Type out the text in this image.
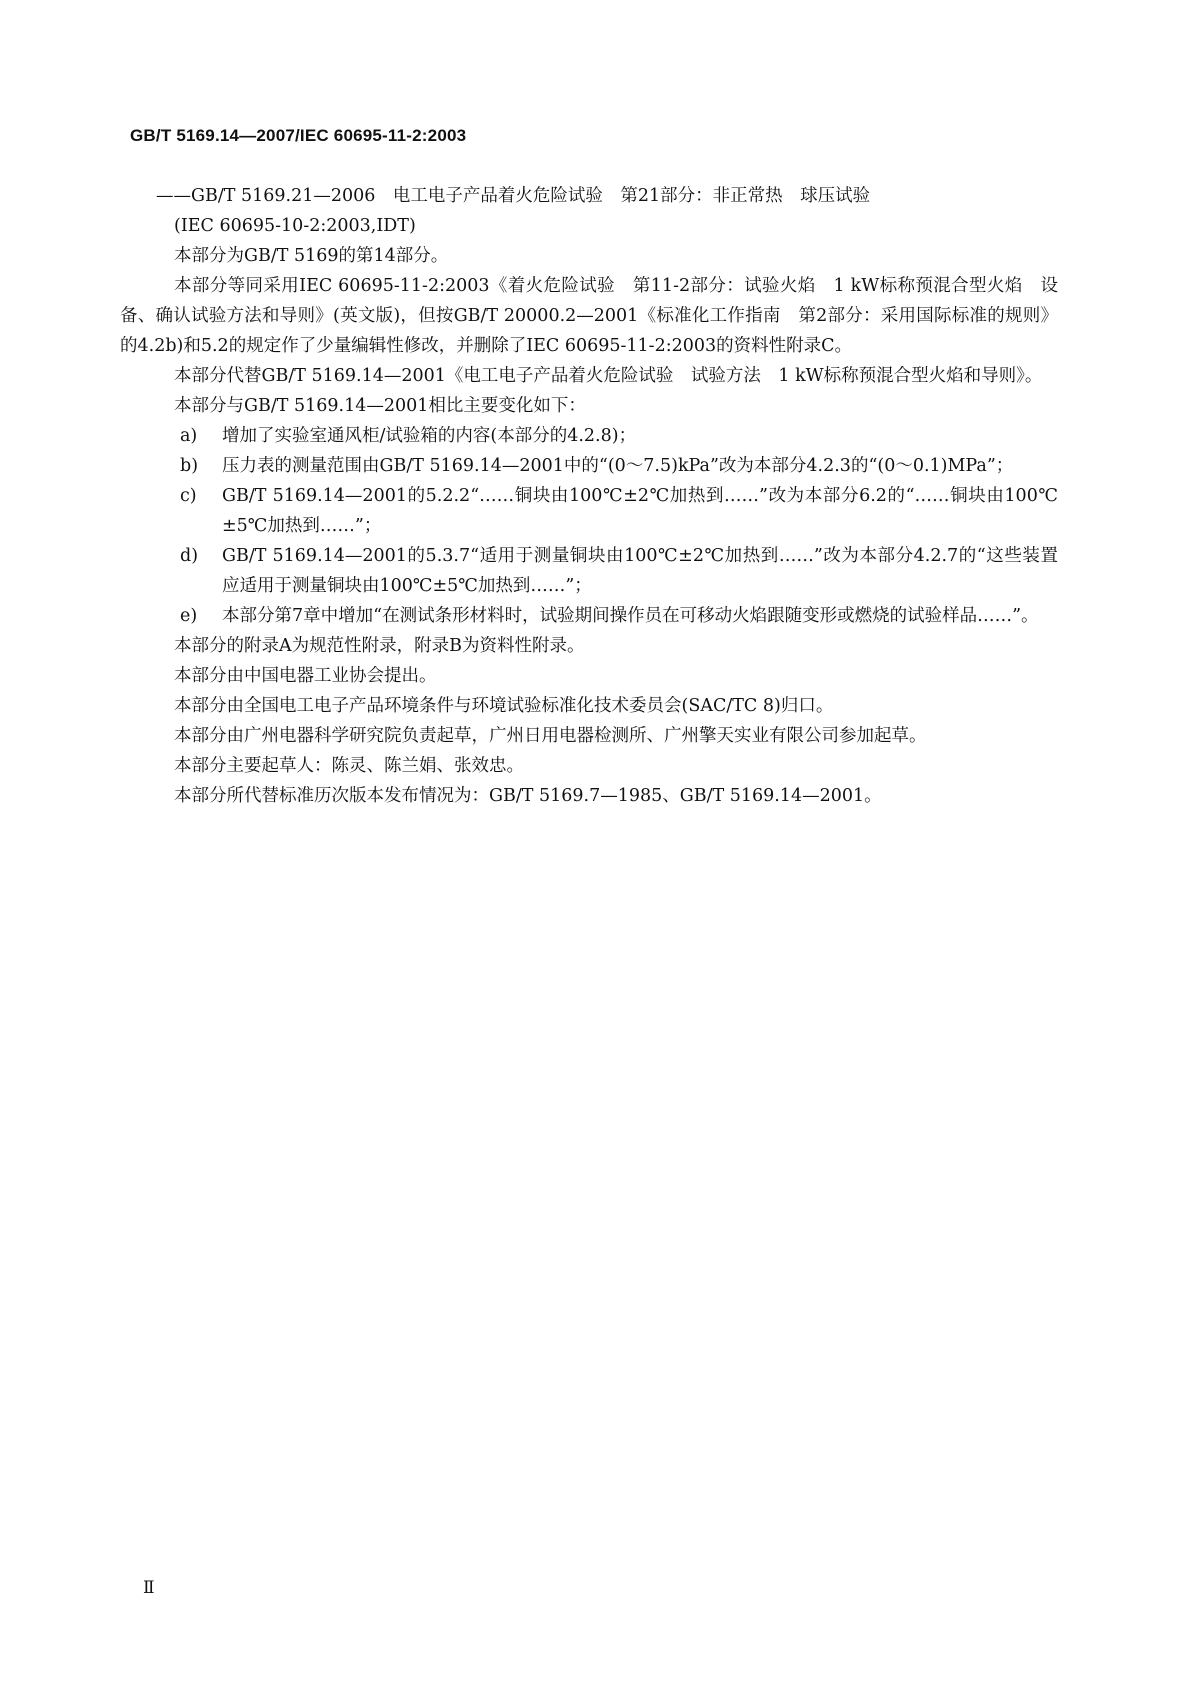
GB/T 5169.14—2007/IEC 60695-11-2:2003

——GB/T 5169.21—2006　电工电子产品着火危险试验　第21部分：非正常热　球压试验
(IEC 60695-10-2:2003,IDT)

本部分为GB/T 5169的第14部分。

本部分等同采用IEC 60695-11-2:2003《着火危险试验　第11-2部分：试验火焰　1 kW标称预混合型火焰　设备、确认试验方法和导则》(英文版)，但按GB/T 20000.2—2001《标准化工作指南　第2部分：采用国际标准的规则》的4.2b)和5.2的规定作了少量编辑性修改，并删除了IEC 60695-11-2:2003的资料性附录C。

本部分代替GB/T 5169.14—2001《电工电子产品着火危险试验　试验方法　1 kW标称预混合型火焰和导则》。

本部分与GB/T 5169.14—2001相比主要变化如下：

a)	增加了实验室通风柜/试验箱的内容(本部分的4.2.8)；
b)	压力表的测量范围由GB/T 5169.14—2001中的“(0～7.5)kPa”改为本部分4.2.3的“(0～0.1)MPa”；
c)	GB/T 5169.14—2001的5.2.2“……铜块由100℃±2℃加热到……”改为本部分6.2的“……铜块由100℃±5℃加热到……”；
d)	GB/T 5169.14—2001的5.3.7“适用于测量铜块由100℃±2℃加热到……”改为本部分4.2.7的“这些装置应适用于测量铜块由100℃±5℃加热到……”；
e)	本部分第7章中增加“在测试条形材料时，试验期间操作员在可移动火焰跟随变形或燃烧的试验样品……”。

本部分的附录A为规范性附录，附录B为资料性附录。

本部分由中国电器工业协会提出。

本部分由全国电工电子产品环境条件与环境试验标准化技术委员会(SAC/TC 8)归口。

本部分由广州电器科学研究院负责起草，广州日用电器检测所、广州擎天实业有限公司参加起草。

本部分主要起草人：陈灵、陈兰娟、张效忠。

本部分所代替标准历次版本发布情况为：GB/T 5169.7—1985、GB/T 5169.14—2001。

Ⅱ
